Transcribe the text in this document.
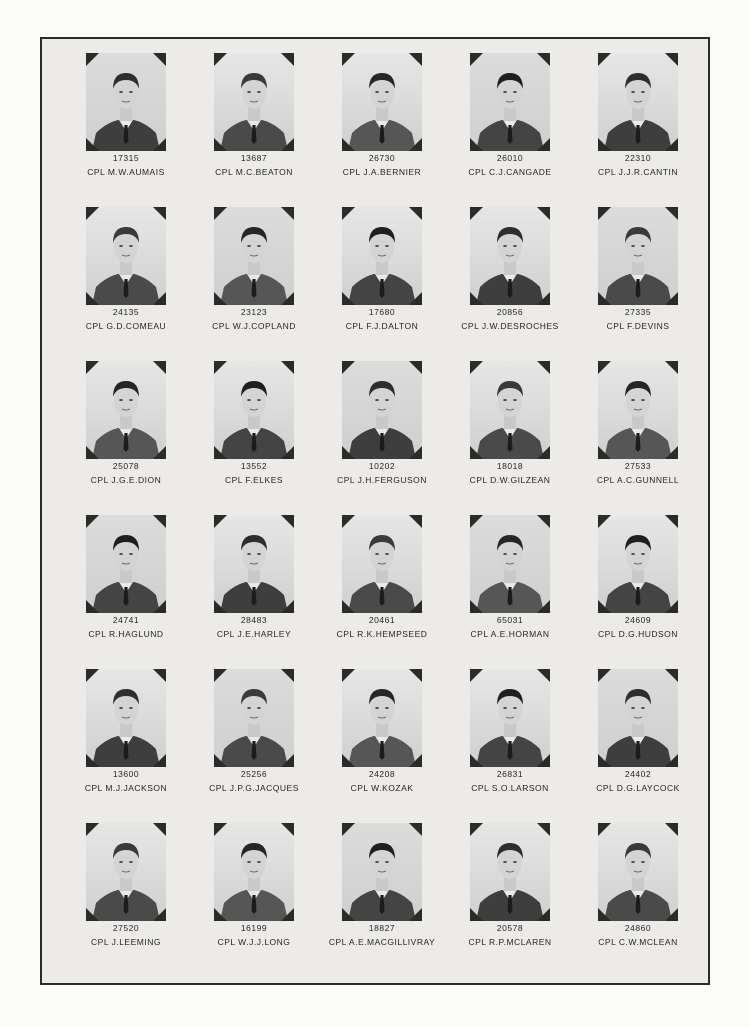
17315
CPL M.W.AUMAIS
13687
CPL M.C.BEATON
26730
CPL J.A.BERNIER
26010
CPL C.J.CANGADE
22310
CPL J.J.R.CANTIN
24135
CPL G.D.COMEAU
23123
CPL W.J.COPLAND
17680
CPL F.J.DALTON
20856
CPL J.W.DESROCHES
27335
CPL F.DEVINS
25078
CPL J.G.E.DION
13552
CPL F.ELKES
10202
CPL J.H.FERGUSON
18018
CPL D.W.GILZEAN
27533
CPL A.C.GUNNELL
24741
CPL R.HAGLUND
28483
CPL J.E.HARLEY
20461
CPL R.K.HEMPSEED
65031
CPL A.E.HORMAN
24609
CPL D.G.HUDSON
13600
CPL M.J.JACKSON
25256
CPL J.P.G.JACQUES
24208
CPL W.KOZAK
26831
CPL S.O.LARSON
24402
CPL D.G.LAYCOCK
27520
CPL J.LEEMING
16199
CPL W.J.J.LONG
18827
CPL A.E.MACGILLIVRAY
20578
CPL R.P.MCLAREN
24860
CPL C.W.MCLEAN
